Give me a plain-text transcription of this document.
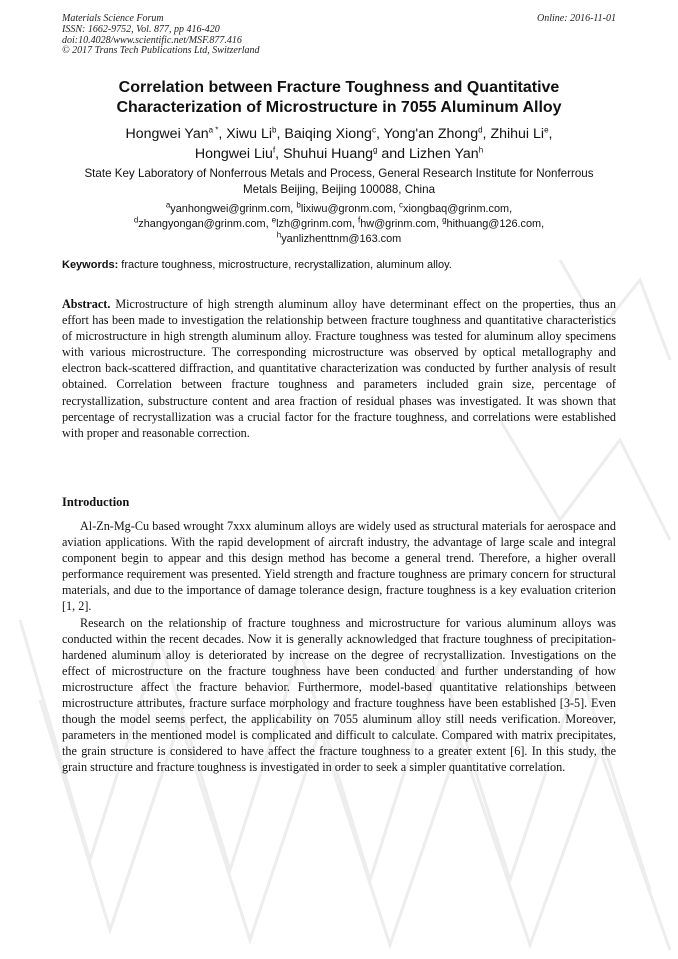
Materials Science Forum
ISSN: 1662-9752, Vol. 877, pp 416-420
doi:10.4028/www.scientific.net/MSF.877.416
© 2017 Trans Tech Publications Ltd, Switzerland
Online: 2016-11-01
Correlation between Fracture Toughness and Quantitative
Characterization of Microstructure in 7055 Aluminum Alloy
Hongwei Yan$^{a *}$, Xiwu Li$^b$, Baiqing Xiong$^c$, Yong'an Zhong$^d$, Zhihui Li$^e$,
Hongwei Liu$^f$, Shuhui Huang$^g$ and Lizhen Yan$^h$
State Key Laboratory of Nonferrous Metals and Process, General Research Institute for Nonferrous
Metals Beijing, Beijing 100088, China
$^a$yanhongwei@grinm.com, $^b$lixiwu@gronm.com, $^c$xiongbaq@grinm.com,
$^d$zhangyongan@grinm.com, $^e$lzh@grinm.com, $^f$hw@grinm.com, $^g$hithuang@126.com,
$^h$yanlizhenttnm@163.com
Keywords: fracture toughness, microstructure, recrystallization, aluminum alloy.
Abstract. Microstructure of high strength aluminum alloy have determinant effect on the properties, thus an effort has been made to investigation the relationship between fracture toughness and quantitative characteristics of microstructure in high strength aluminum alloy. Fracture toughness was tested for aluminum alloy specimens with various microstructure. The corresponding microstructure was observed by optical metallography and electron back-scattered diffraction, and quantitative characterization was conducted by further analysis of result obtained. Correlation between fracture toughness and parameters included grain size, percentage of recrystallization, substructure content and area fraction of residual phases was investigated. It was shown that percentage of recrystallization was a crucial factor for the fracture toughness, and correlations were established with proper and reasonable correction.
Introduction

Al-Zn-Mg-Cu based wrought 7xxx aluminum alloys are widely used as structural materials for aerospace and aviation applications. With the rapid development of aircraft industry, the advantage of large scale and integral component begin to appear and this design method has become a general trend. Therefore, a higher overall performance requirement was presented. Yield strength and fracture toughness are primary concern for structural materials, and due to the importance of damage tolerance design, fracture toughness is a key evaluation criterion [1, 2].

Research on the relationship of fracture toughness and microstructure for various aluminum alloys was conducted within the recent decades. Now it is generally acknowledged that fracture toughness of precipitation-hardened aluminum alloy is deteriorated by increase on the degree of recrystallization. Investigations on the effect of microstructure on the fracture toughness have been conducted and further understanding of how microstructure affect the fracture behavior. Furthermore, model-based quantitative relationships between microstructure attributes, fracture surface morphology and fracture toughness have been established [3-5]. Even though the model seems perfect, the applicability on 7055 aluminum alloy still needs verification. Moreover, parameters in the mentioned model is complicated and difficult to calculate. Compared with matrix precipitates, the grain structure is considered to have affect the fracture toughness to a greater extent [6]. In this study, the grain structure and fracture toughness is investigated in order to seek a simpler quantitative correlation.
